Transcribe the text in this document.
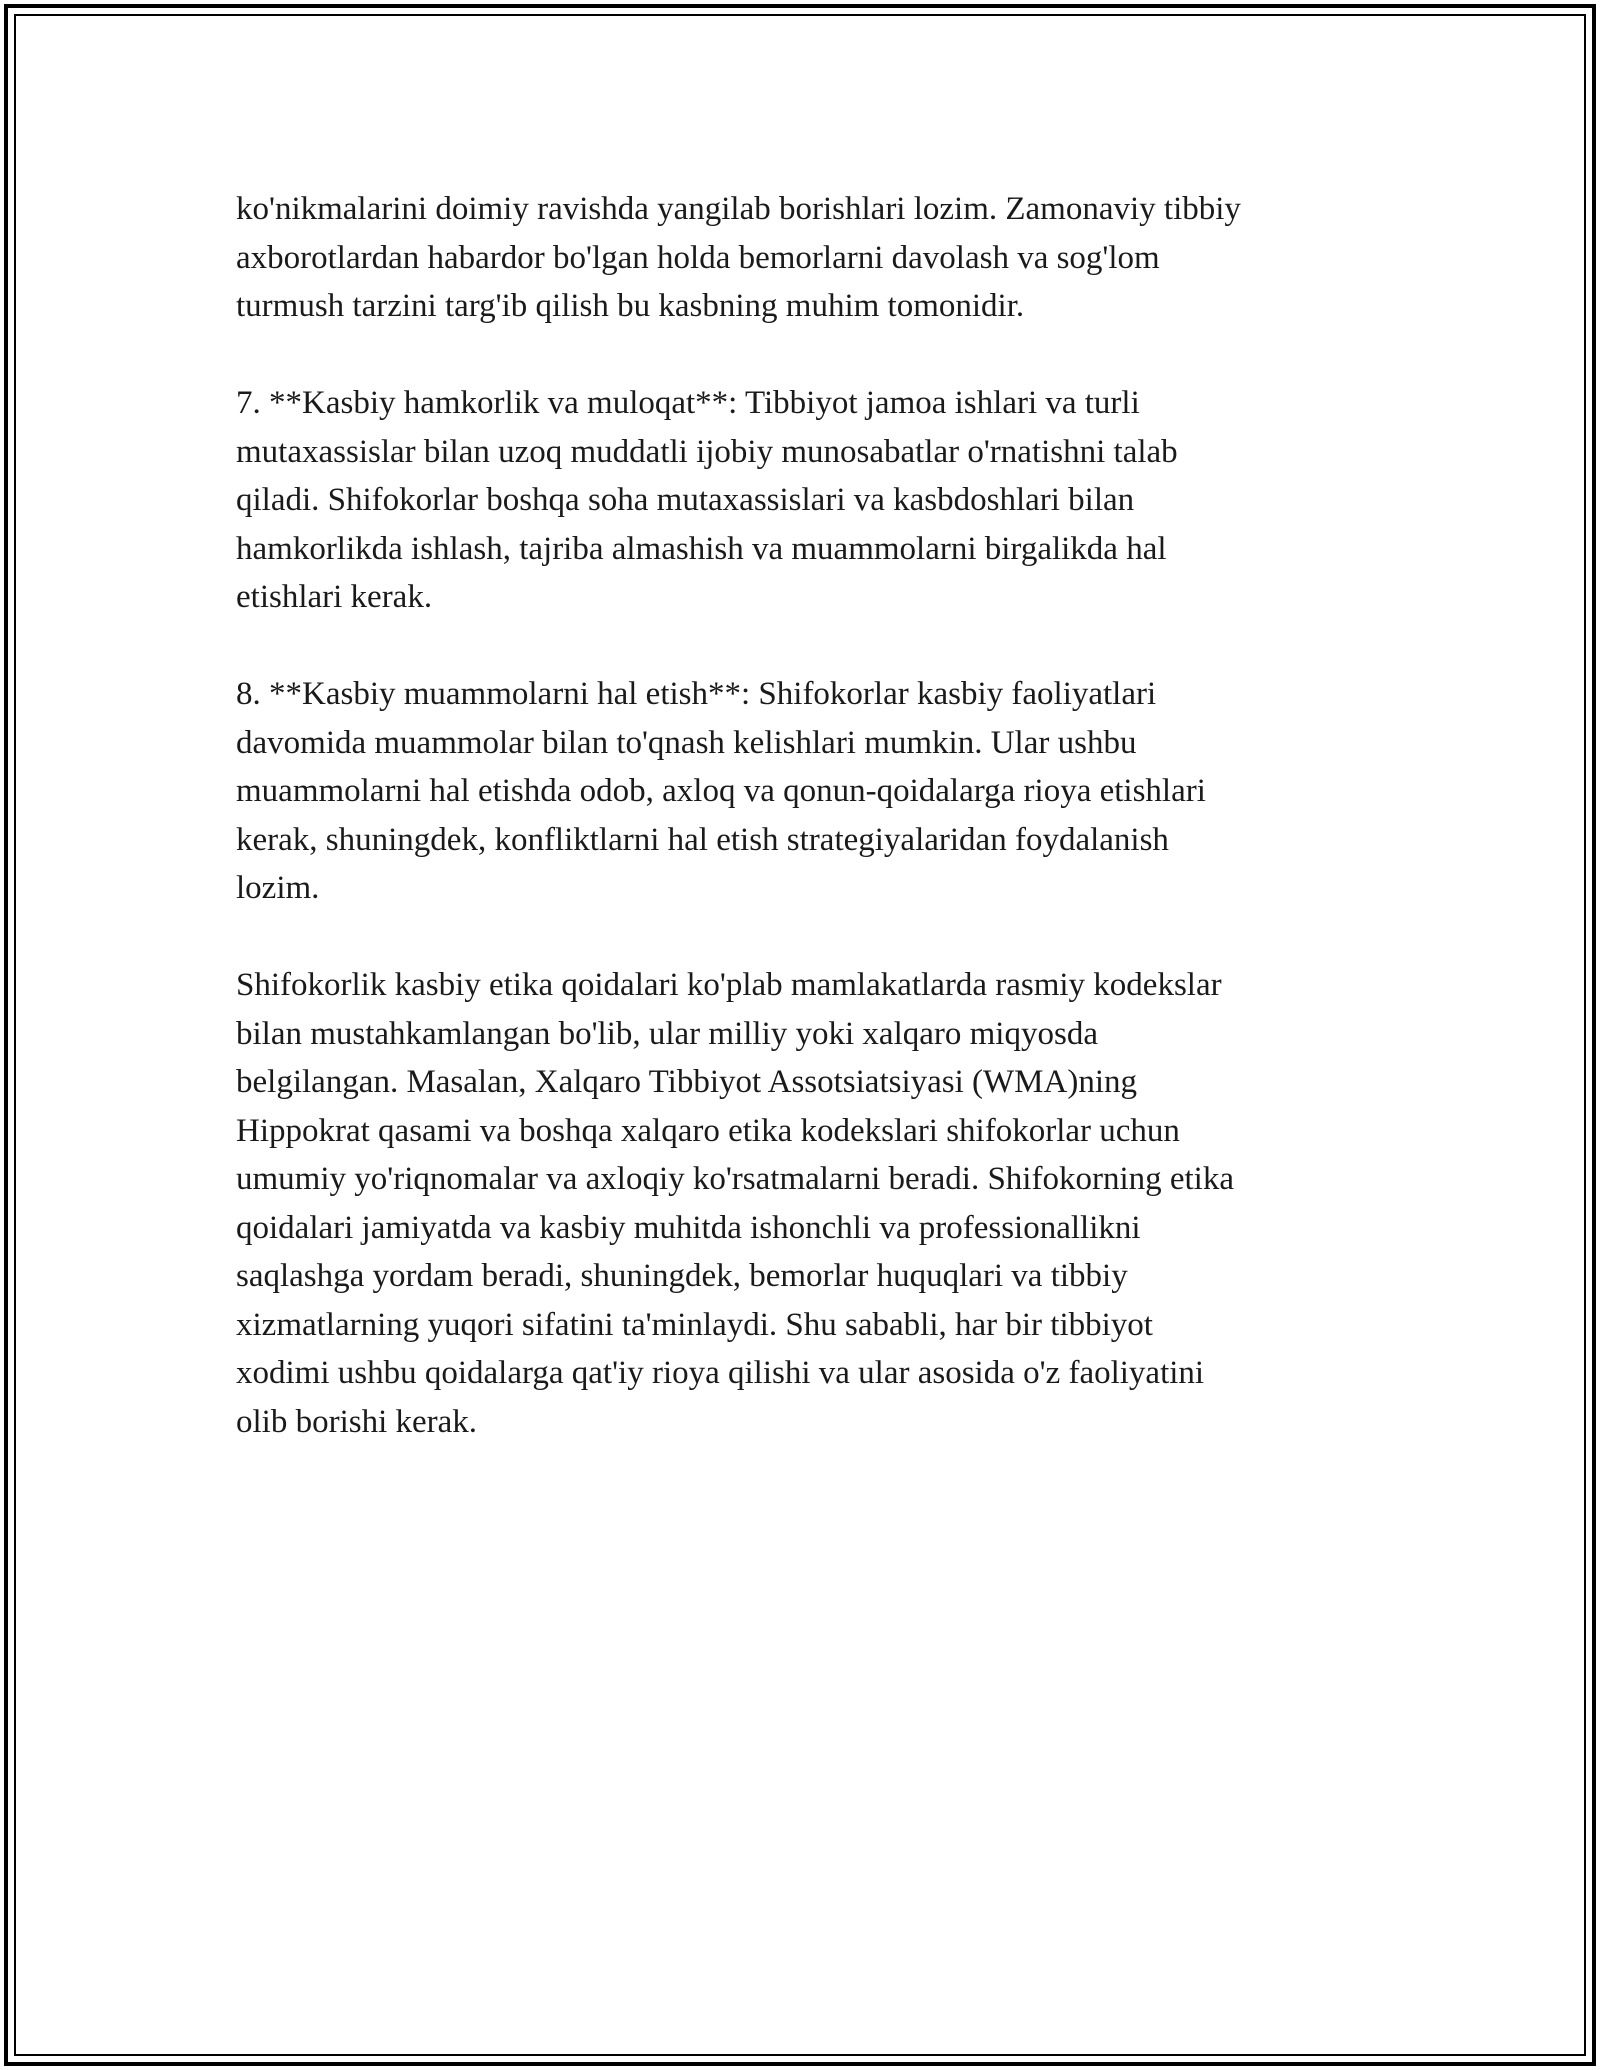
ko'nikmalarini doimiy ravishda yangilab borishlari lozim. Zamonaviy tibbiy
axborotlardan habardor bo'lgan holda bemorlarni davolash va sog'lom
turmush tarzini targ'ib qilish bu kasbning muhim tomonidir.

7. **Kasbiy hamkorlik va muloqat**: Tibbiyot jamoa ishlari va turli
mutaxassislar bilan uzoq muddatli ijobiy munosabatlar o'rnatishni talab
qiladi. Shifokorlar boshqa soha mutaxassislari va kasbdoshlari bilan
hamkorlikda ishlash, tajriba almashish va muammolarni birgalikda hal
etishlari kerak.

8. **Kasbiy muammolarni hal etish**: Shifokorlar kasbiy faoliyatlari
davomida muammolar bilan to'qnash kelishlari mumkin. Ular ushbu
muammolarni hal etishda odob, axloq va qonun-qoidalarga rioya etishlari
kerak, shuningdek, konfliktlarni hal etish strategiyalaridan foydalanish
lozim.

Shifokorlik kasbiy etika qoidalari ko'plab mamlakatlarda rasmiy kodekslar
bilan mustahkamlangan bo'lib, ular milliy yoki xalqaro miqyosda
belgilangan. Masalan, Xalqaro Tibbiyot Assotsiatsiyasi (WMA)ning
Hippokrat qasami va boshqa xalqaro etika kodekslari shifokorlar uchun
umumiy yo'riqnomalar va axloqiy ko'rsatmalarni beradi. Shifokorning etika
qoidalari jamiyatda va kasbiy muhitda ishonchli va professionallikni
saqlashga yordam beradi, shuningdek, bemorlar huquqlari va tibbiy
xizmatlarning yuqori sifatini ta'minlaydi. Shu sababli, har bir tibbiyot
xodimi ushbu qoidalarga qat'iy rioya qilishi va ular asosida o'z faoliyatini
olib borishi kerak.
